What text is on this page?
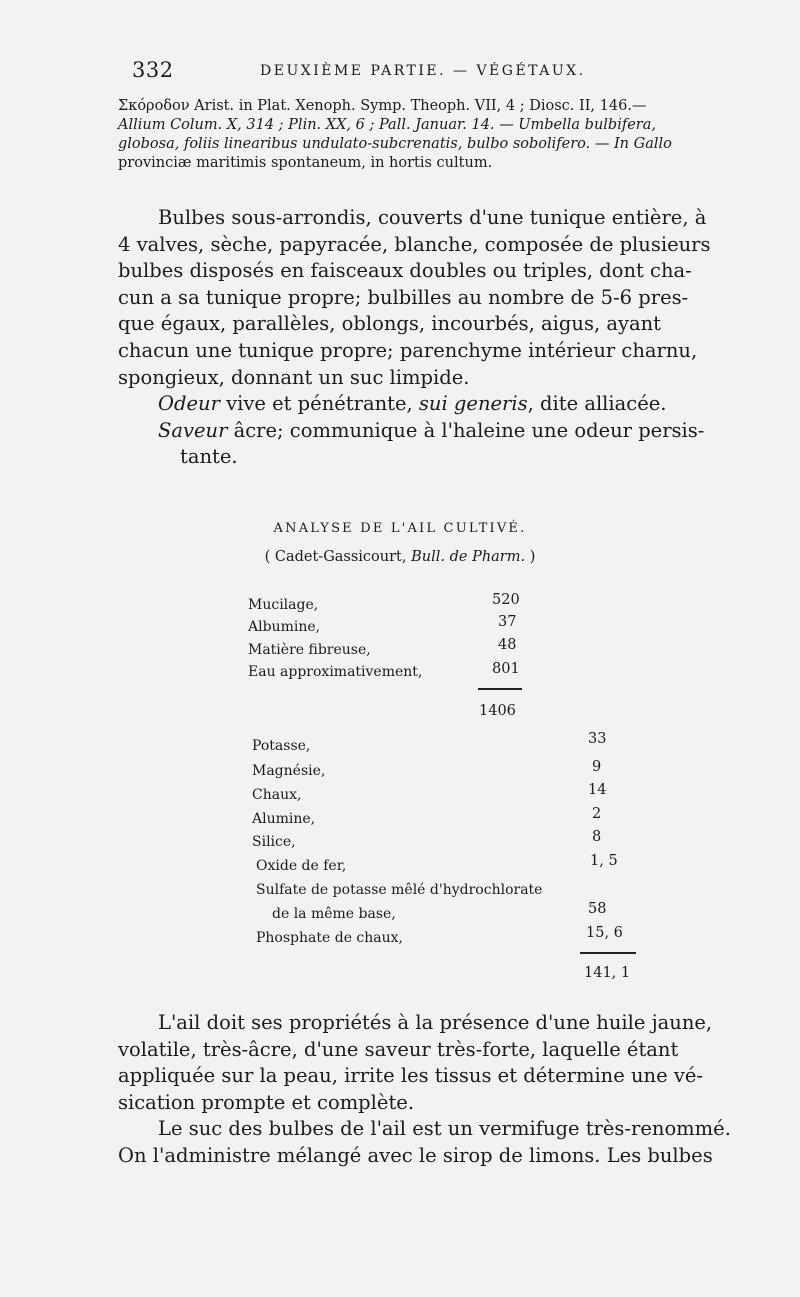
332	DEUXIÈME PARTIE. — VÉGÉTAUX.
Σκόροδον Arist. in Plat. Xenoph. Symp. Theoph. VII, 4 ; Diosc. II, 146.—
Allium Colum. X, 314 ; Plin. XX, 6 ; Pall. Januar. 14. — Umbella bulbifera,
globosa, foliis linearibus undulato-subcrenatis, bulbo sobolifero. — In Gallo
provinciæ maritimis spontaneum, in hortis cultum.
Bulbes sous-arrondis, couverts d'une tunique entière, à
4 valves, sèche, papyracée, blanche, composée de plusieurs
bulbes disposés en faisceaux doubles ou triples, dont cha-
cun a sa tunique propre; bulbilles au nombre de 5-6 pres-
que égaux, parallèles, oblongs, incourbés, aigus, ayant
chacun une tunique propre; parenchyme intérieur charnu,
spongieux, donnant un suc limpide.
Odeur vive et pénétrante, sui generis, dite alliacée.
Saveur âcre; communique à l'haleine une odeur persis-
tante.
ANALYSE DE L'AIL CULTIVÉ.
( Cadet-Gassicourt, Bull. de Pharm. )
Mucilage,	520
Albumine,	37
Matière fibreuse,	48
Eau approximativement,	801
1406
Potasse,	33
Magnésie,	9
Chaux,	14
Alumine,	2
Silice,	8
Oxide de fer,	1, 5
Sulfate de potasse mêlé d'hydrochlorate
de la même base,	58
Phosphate de chaux,	15, 6
141, 1
L'ail doit ses propriétés à la présence d'une huile jaune,
volatile, très-âcre, d'une saveur très-forte, laquelle étant
appliquée sur la peau, irrite les tissus et détermine une vé-
sication prompte et complète.
Le suc des bulbes de l'ail est un vermifuge très-renommé.
On l'administre mélangé avec le sirop de limons. Les bulbes
